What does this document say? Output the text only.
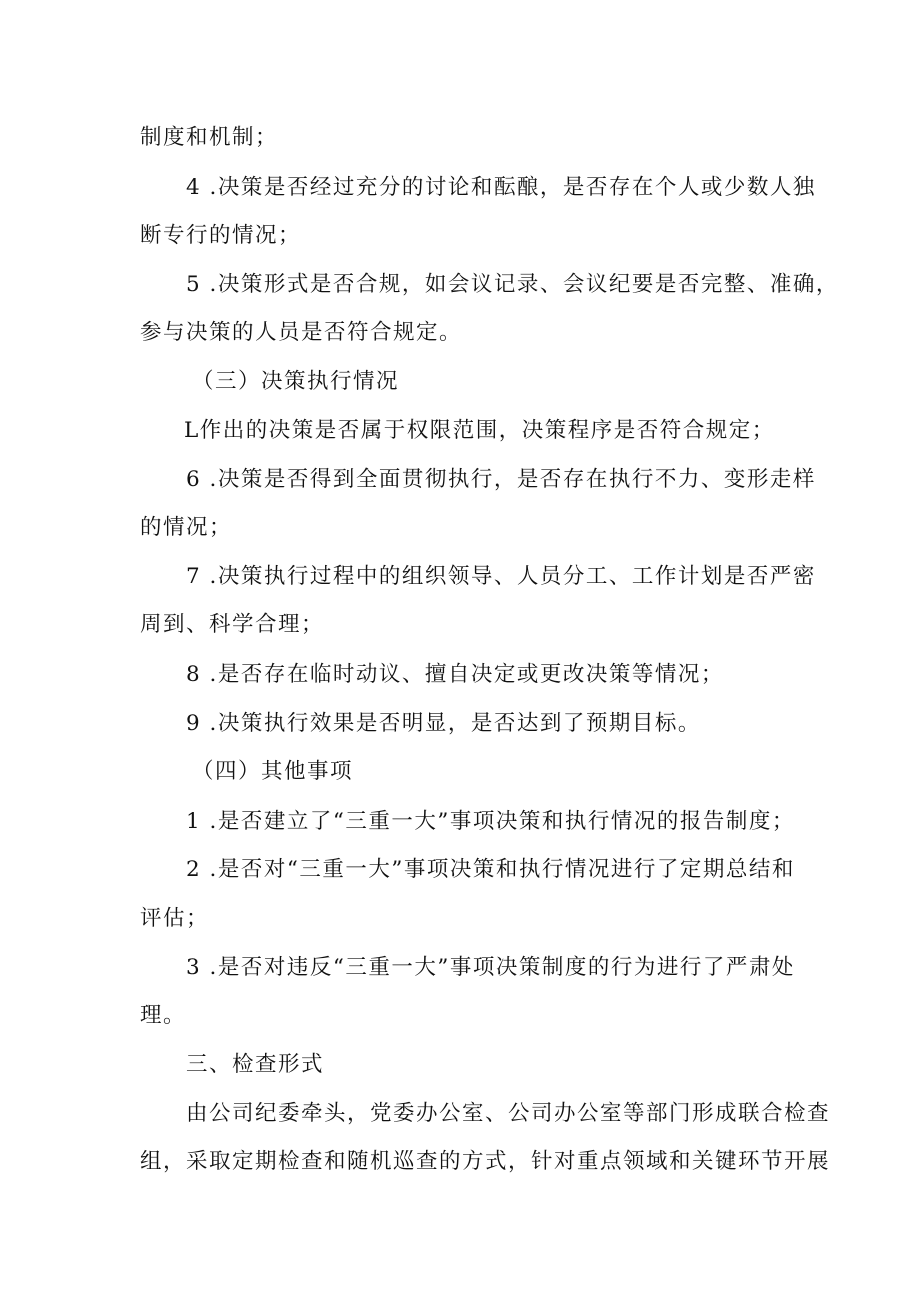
制度和机制；
4 .决策是否经过充分的讨论和酝酿，是否存在个人或少数人独
断专行的情况；
5 .决策形式是否合规，如会议记录、会议纪要是否完整、准确，
参与决策的人员是否符合规定。
（三）决策执行情况
L作出的决策是否属于权限范围，决策程序是否符合规定；
6 .决策是否得到全面贯彻执行，是否存在执行不力、变形走样
的情况；
7 .决策执行过程中的组织领导、人员分工、工作计划是否严密
周到、科学合理；
8 .是否存在临时动议、擅自决定或更改决策等情况；
9 .决策执行效果是否明显，是否达到了预期目标。
（四）其他事项
1 .是否建立了“三重一大”事项决策和执行情况的报告制度；
2 .是否对“三重一大”事项决策和执行情况进行了定期总结和
评估；
3 .是否对违反“三重一大”事项决策制度的行为进行了严肃处
理。
三、检查形式
由公司纪委牵头，党委办公室、公司办公室等部门形成联合检查
组，采取定期检查和随机巡查的方式，针对重点领域和关键环节开展
